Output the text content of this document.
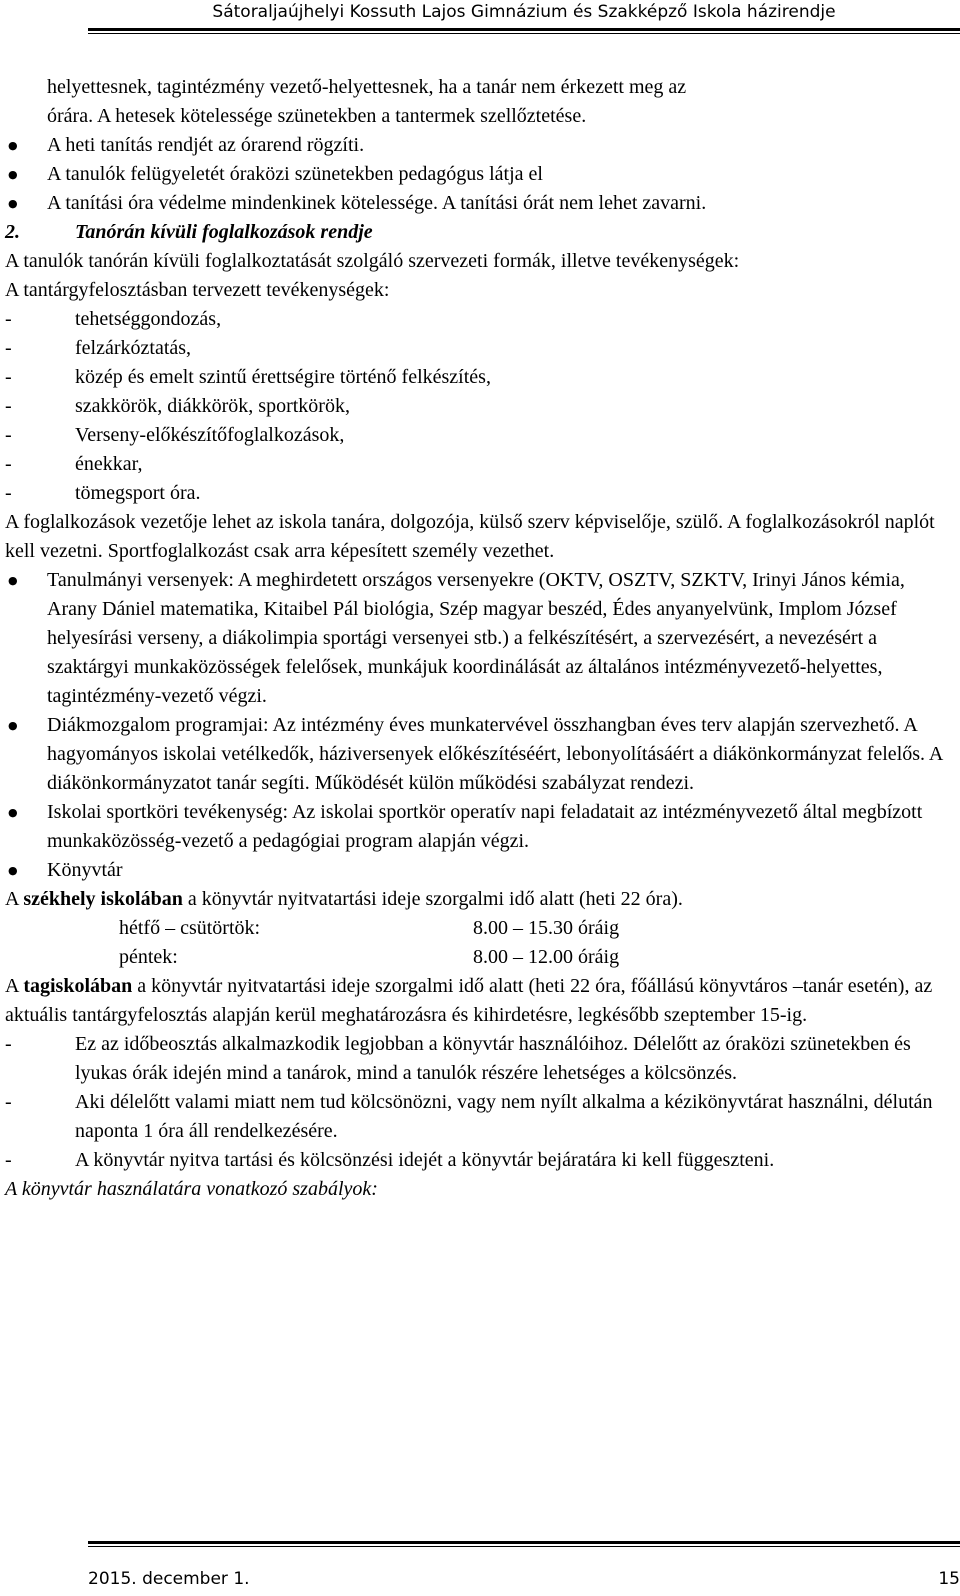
Sátoraljaújhelyi Kossuth Lajos Gimnázium és Szakképző Iskola házirendje

helyettesnek, tagintézmény vezető-helyettesnek, ha a tanár nem érkezett meg az

órára. A hetesek kötelessége szünetekben a tantermek szellőztetése.

● A heti tanítás rendjét az órarend rögzíti.

● A tanulók felügyeletét óraközi szünetekben pedagógus látja el

● A tanítási óra védelme mindenkinek kötelessége. A tanítási órát nem lehet zavarni.

2.	Tanórán kívüli foglalkozások rendje

A tanulók tanórán kívüli foglalkoztatását szolgáló szervezeti formák, illetve tevékenységek:

A tantárgyfelosztásban tervezett tevékenységek:

- tehetséggondozás,

- felzárkóztatás,

- közép és emelt szintű érettségire történő felkészítés,

- szakkörök, diákkörök, sportkörök,

- Verseny-előkészítőfoglalkozások,

- énekkar,

- tömegsport óra.

A foglalkozások vezetője lehet az iskola tanára, dolgozója, külső szerv képviselője, szülő. A foglalkozásokról naplót kell vezetni. Sportfoglalkozást csak arra képesített személy vezethet.

● Tanulmányi versenyek: A meghirdetett országos versenyekre (OKTV, OSZTV, SZKTV, Irinyi János kémia, Arany Dániel matematika, Kitaibel Pál biológia, Szép magyar beszéd, Édes anyanyelvünk, Implom József helyesírási verseny, a diákolimpia sportági versenyei stb.) a felkészítésért, a szervezésért, a nevezésért a szaktárgyi munkaközösségek felelősek, munkájuk koordinálását az általános intézményvezető-helyettes, tagintézmény-vezető végzi.

● Diákmozgalom programjai: Az intézmény éves munkatervével összhangban éves terv alapján szervezhető. A hagyományos iskolai vetélkedők, háziversenyek előkészítéséért, lebonyolításáért a diákönkormányzat felelős. A diákönkormányzatot tanár segíti. Működését külön működési szabályzat rendezi.

● Iskolai sportköri tevékenység: Az iskolai sportkör operatív napi feladatait az intézményvezető által megbízott munkaközösség-vezető a pedagógiai program alapján végzi.

● Könyvtár

A székhely iskolában a könyvtár nyitvatartási ideje szorgalmi idő alatt (heti 22 óra).

hétfő – csütörtök:	8.00 – 15.30 óráig
péntek:	8.00 – 12.00 óráig

A tagiskolában a könyvtár nyitvatartási ideje szorgalmi idő alatt (heti 22 óra, főállású könyvtáros –tanár esetén), az aktuális tantárgyfelosztás alapján kerül meghatározásra és kihirdetésre, legkésőbb szeptember 15-ig.

- Ez az időbeosztás alkalmazkodik legjobban a könyvtár használóihoz. Délelőtt az óraközi szünetekben és lyukas órák idején mind a tanárok, mind a tanulók részére lehetséges a kölcsönzés.

- Aki délelőtt valami miatt nem tud kölcsönözni, vagy nem nyílt alkalma a kézikönyvtárat használni, délután naponta 1 óra áll rendelkezésére.

- A könyvtár nyitva tartási és kölcsönzési idejét a könyvtár bejáratára ki kell függeszteni.

A könyvtár használatára vonatkozó szabályok:

2015. december 1.	15
